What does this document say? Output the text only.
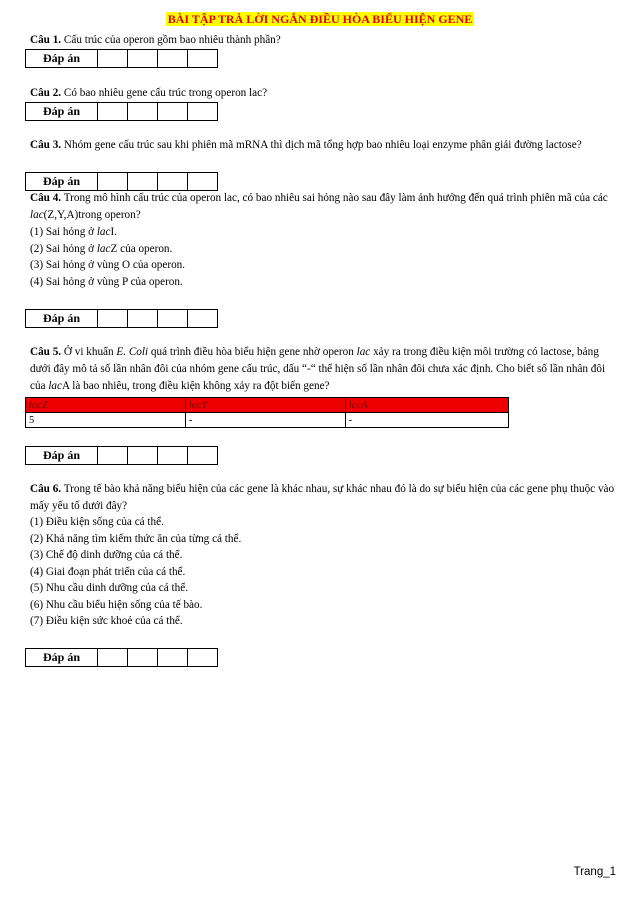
BÀI TẬP TRẢ LỜI NGẮN ĐIỀU HÒA BIỂU HIỆN GENE
Câu 1. Cấu trúc của operon gồm bao nhiêu thành phần?
Đáp án				
Câu 2. Có bao nhiêu gene cấu trúc trong operon lac?
Đáp án				
Câu 3. Nhóm gene cấu trúc sau khi phiên mã mRNA thì dịch mã tổng hợp bao nhiêu loại enzyme phân giải đường lactose?
Đáp án				
Câu 4. Trong mô hình cấu trúc của operon lac, có bao nhiêu sai hỏng nào sau đây làm ảnh hưởng đến quá trình phiên mã của các lac(Z,Y,A)trong operon?
(1) Sai hỏng ở lacI.
(2) Sai hỏng ở lacZ của operon.
(3) Sai hỏng ở vùng O của operon.
(4) Sai hỏng ở vùng P của operon.
Đáp án				
Câu 5. Ở vi khuẩn E. Coli quá trình điều hòa biểu hiện gene nhờ operon lac xảy ra trong điều kiện môi trường có lactose, bảng dưới đây mô tả số lần nhân đôi của nhóm gene cấu trúc, dấu “-“ thể hiện số lần nhân đôi chưa xác định. Cho biết số lần nhân đôi của lacA là bao nhiêu, trong điều kiện không xảy ra đột biến gene?
lacZ	lacY	lacA
5	-	-
Đáp án				
Câu 6. Trong tế bào khả năng biểu hiện của các gene là khác nhau, sự khác nhau đó là do sự biểu hiện của các gene phụ thuộc vào mấy yếu tố dưới đây?
(1) Điều kiện sống của cá thể.
(2) Khả năng tìm kiếm thức ăn của từng cá thể.
(3) Chế độ dinh dưỡng của cá thể.
(4) Giai đoạn phát triển của cá thể.
(5) Nhu cầu dinh dưỡng của cá thể.
(6) Nhu cầu biểu hiện sống của tế bào.
(7) Điều kiện sức khoẻ của cá thể.
Đáp án				
Trang_1
